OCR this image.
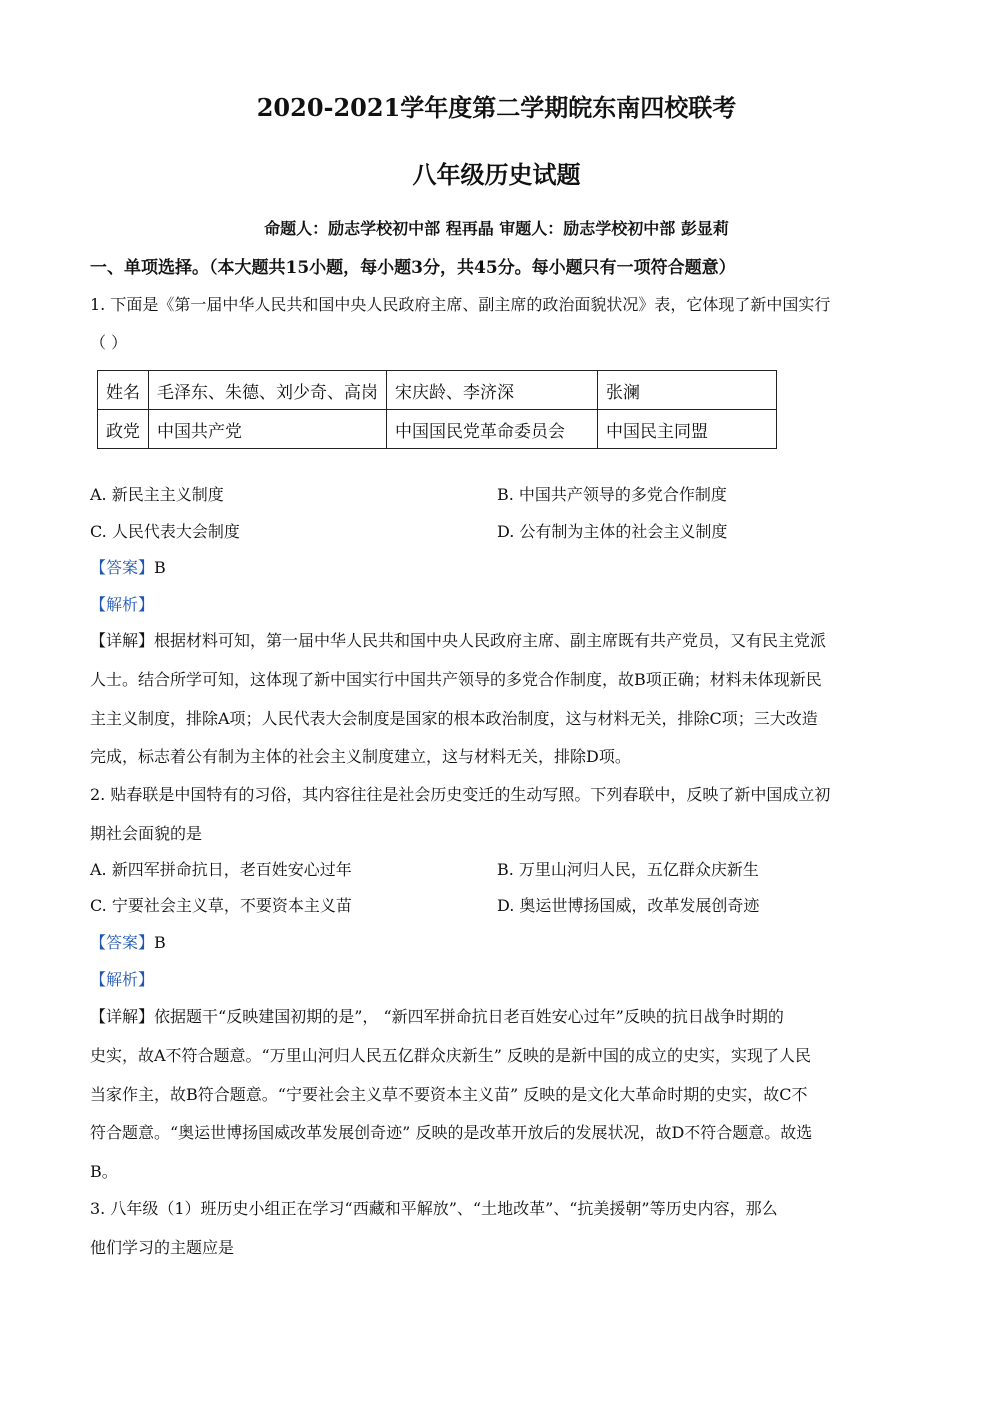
2020-2021学年度第二学期皖东南四校联考
八年级历史试题
命题人：励志学校初中部 程再晶 审题人：励志学校初中部 彭显莉
一、单项选择。（本大题共15小题，每小题3分，共45分。每小题只有一项符合题意）
1. 下面是《第一届中华人民共和国中央人民政府主席、副主席的政治面貌状况》表，它体现了新中国实行
（ ）
姓名	毛泽东、朱德、刘少奇、高岗	宋庆龄、李济深	张澜
政党	中国共产党	中国国民党革命委员会	中国民主同盟
A. 新民主主义制度	B. 中国共产领导的多党合作制度
C. 人民代表大会制度	D. 公有制为主体的社会主义制度
【答案】B
【解析】
【详解】根据材料可知，第一届中华人民共和国中央人民政府主席、副主席既有共产党员，又有民主党派
人士。结合所学可知，这体现了新中国实行中国共产领导的多党合作制度，故B项正确；材料未体现新民
主主义制度，排除A项；人民代表大会制度是国家的根本政治制度，这与材料无关，排除C项；三大改造
完成，标志着公有制为主体的社会主义制度建立，这与材料无关，排除D项。
2. 贴春联是中国特有的习俗，其内容往往是社会历史变迁的生动写照。下列春联中，反映了新中国成立初
期社会面貌的是
A. 新四军拼命抗日，老百姓安心过年	B. 万里山河归人民，五亿群众庆新生
C. 宁要社会主义草，不要资本主义苗	D. 奥运世博扬国威，改革发展创奇迹
【答案】B
【解析】
【详解】依据题干“反映建国初期的是”， “新四军拼命抗日老百姓安心过年”反映的抗日战争时期的
史实，故A不符合题意。“万里山河归人民五亿群众庆新生” 反映的是新中国的成立的史实，实现了人民
当家作主，故B符合题意。“宁要社会主义草不要资本主义苗” 反映的是文化大革命时期的史实，故C不
符合题意。“奥运世博扬国威改革发展创奇迹” 反映的是改革开放后的发展状况，故D不符合题意。故选
B。
3. 八年级（1）班历史小组正在学习“西藏和平解放”、“土地改革”、“抗美援朝”等历史内容，那么
他们学习的主题应是
